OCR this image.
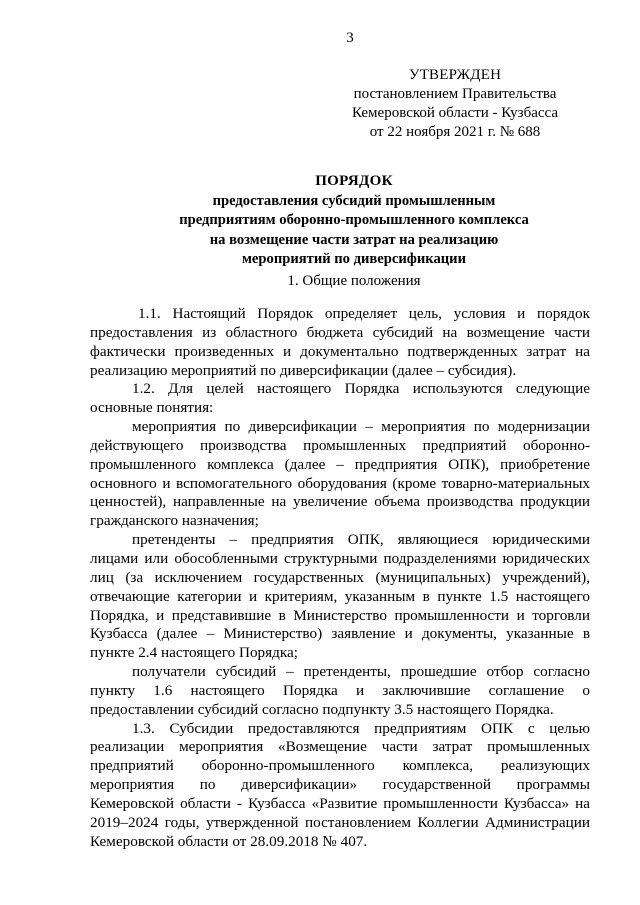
3
УТВЕРЖДЕН
постановлением Правительства
Кемеровской области - Кузбасса
от 22 ноября 2021 г. № 688
ПОРЯДОК
предоставления субсидий промышленным
предприятиям оборонно-промышленного комплекса
на возмещение части затрат на реализацию
мероприятий по диверсификации
1. Общие положения

1.1. Настоящий Порядок определяет цель, условия и порядок предоставления из областного бюджета субсидий на возмещение части фактически произведенных и документально подтвержденных затрат на реализацию мероприятий по диверсификации (далее – субсидия).

1.2. Для целей настоящего Порядка используются следующие основные понятия:

мероприятия по диверсификации – мероприятия по модернизации действующего производства промышленных предприятий оборонно-промышленного комплекса (далее – предприятия ОПК), приобретение основного и вспомогательного оборудования (кроме товарно-материальных ценностей), направленные на увеличение объема производства продукции гражданского назначения;

претенденты – предприятия ОПК, являющиеся юридическими лицами или обособленными структурными подразделениями юридических лиц (за исключением государственных (муниципальных) учреждений), отвечающие категории и критериям, указанным в пункте 1.5 настоящего Порядка, и представившие в Министерство промышленности и торговли Кузбасса (далее – Министерство) заявление и документы, указанные в пункте 2.4 настоящего Порядка;

получатели субсидий – претенденты, прошедшие отбор согласно пункту 1.6 настоящего Порядка и заключившие соглашение о предоставлении субсидий согласно подпункту 3.5 настоящего Порядка.

1.3. Субсидии предоставляются предприятиям ОПК с целью реализации мероприятия «Возмещение части затрат промышленных предприятий оборонно-промышленного комплекса, реализующих мероприятия по диверсификации» государственной программы Кемеровской области - Кузбасса «Развитие промышленности Кузбасса» на 2019–2024 годы, утвержденной постановлением Коллегии Администрации Кемеровской области от 28.09.2018 № 407.
